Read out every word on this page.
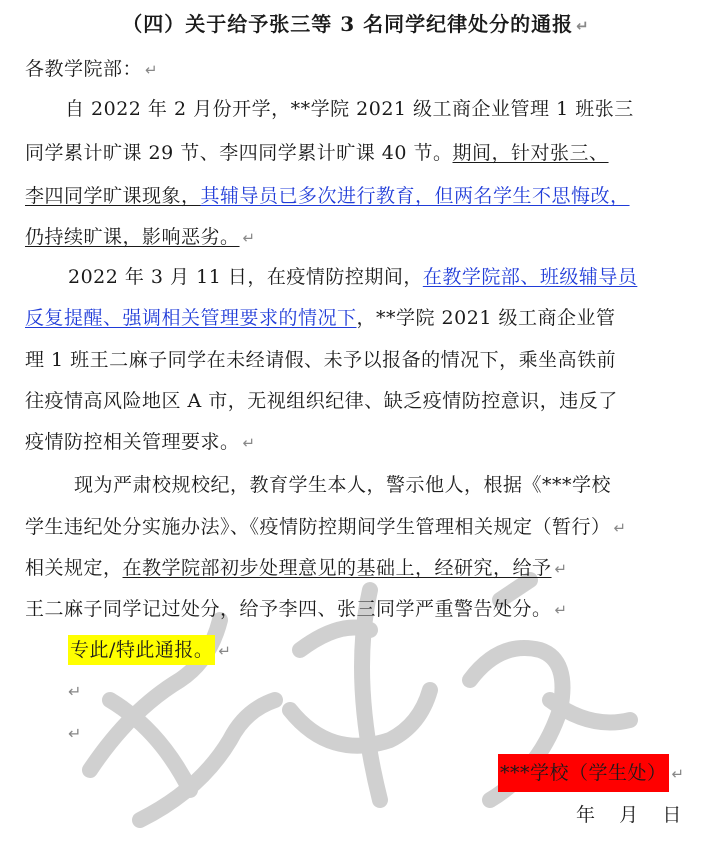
（四）关于给予张三等 3 名同学纪律处分的通报 ↵
各教学院部： ↵
自 2022 年 2 月份开学，**学院 2021 级工商企业管理 1 班张三
同学累计旷课 29 节、李四同学累计旷课 40 节。期间，针对张三、
李四同学旷课现象，其辅导员已多次进行教育，但两名学生不思悔改，
仍持续旷课，影响恶劣。 ↵
2022 年 3 月 11 日，在疫情防控期间，在教学院部、班级辅导员
反复提醒、强调相关管理要求的情况下，**学院 2021 级工商企业管
理 1 班王二麻子同学在未经请假、未予以报备的情况下，乘坐高铁前
往疫情高风险地区 A 市，无视组织纪律、缺乏疫情防控意识，违反了
疫情防控相关管理要求。 ↵
现为严肃校规校纪，教育学生本人，警示他人，根据《***学校
学生违纪处分实施办法》、《疫情防控期间学生管理相关规定（暂行） ↵
相关规定，在教学院部初步处理意见的基础上，经研究，给予 ↵
王二麻子同学记过处分，给予李四、张三同学严重警告处分。 ↵
专此/特此通报。 ↵
↵
↵
***学校（学生处） ↵
年    月    日
